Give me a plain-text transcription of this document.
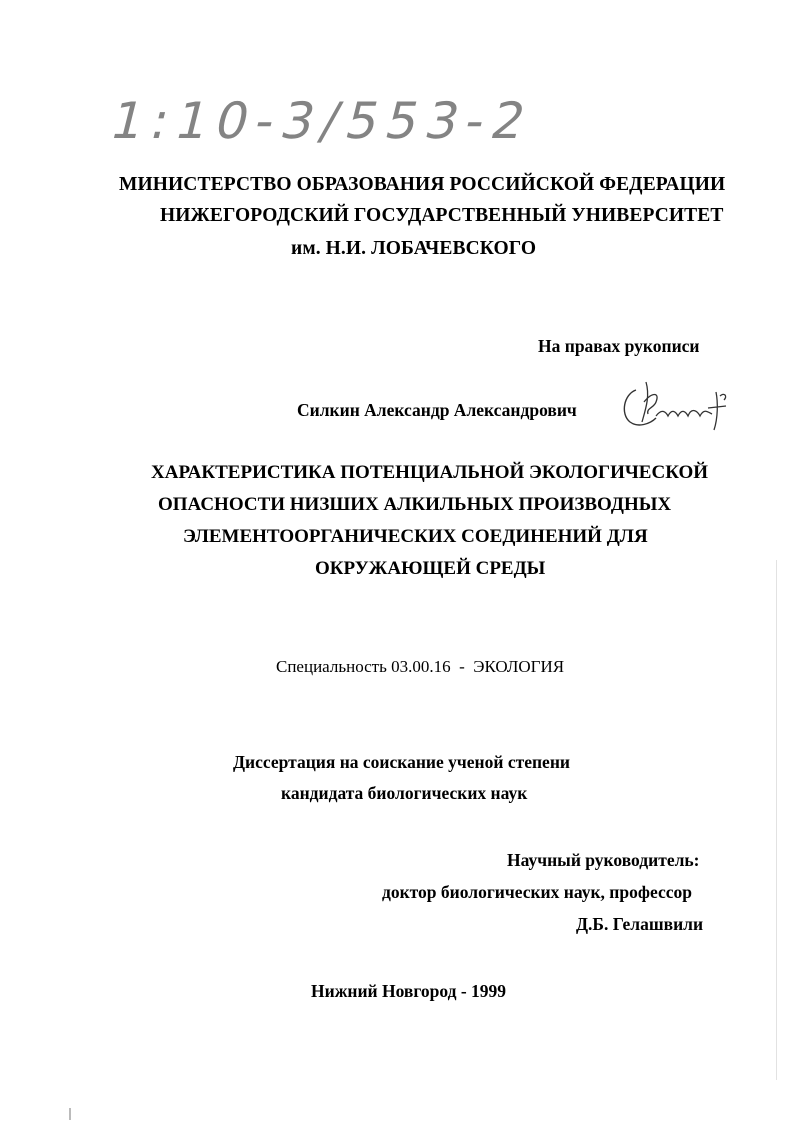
1:10-3/553-2
МИНИСТЕРСТВО ОБРАЗОВАНИЯ РОССИЙСКОЙ ФЕДЕРАЦИИ
НИЖЕГОРОДСКИЙ ГОСУДАРСТВЕННЫЙ УНИВЕРСИТЕТ
им. Н.И. ЛОБАЧЕВСКОГО
На правах рукописи
Силкин Александр Александрович
ХАРАКТЕРИСТИКА ПОТЕНЦИАЛЬНОЙ ЭКОЛОГИЧЕСКОЙ
ОПАСНОСТИ НИЗШИХ АЛКИЛЬНЫХ ПРОИЗВОДНЫХ
ЭЛЕМЕНТООРГАНИЧЕСКИХ СОЕДИНЕНИЙ ДЛЯ
ОКРУЖАЮЩЕЙ СРЕДЫ
Специальность 03.00.16  -  ЭКОЛОГИЯ
Диссертация на соискание ученой степени
кандидата биологических наук
Научный руководитель:
доктор биологических наук, профессор
Д.Б. Гелашвили
Нижний Новгород - 1999
